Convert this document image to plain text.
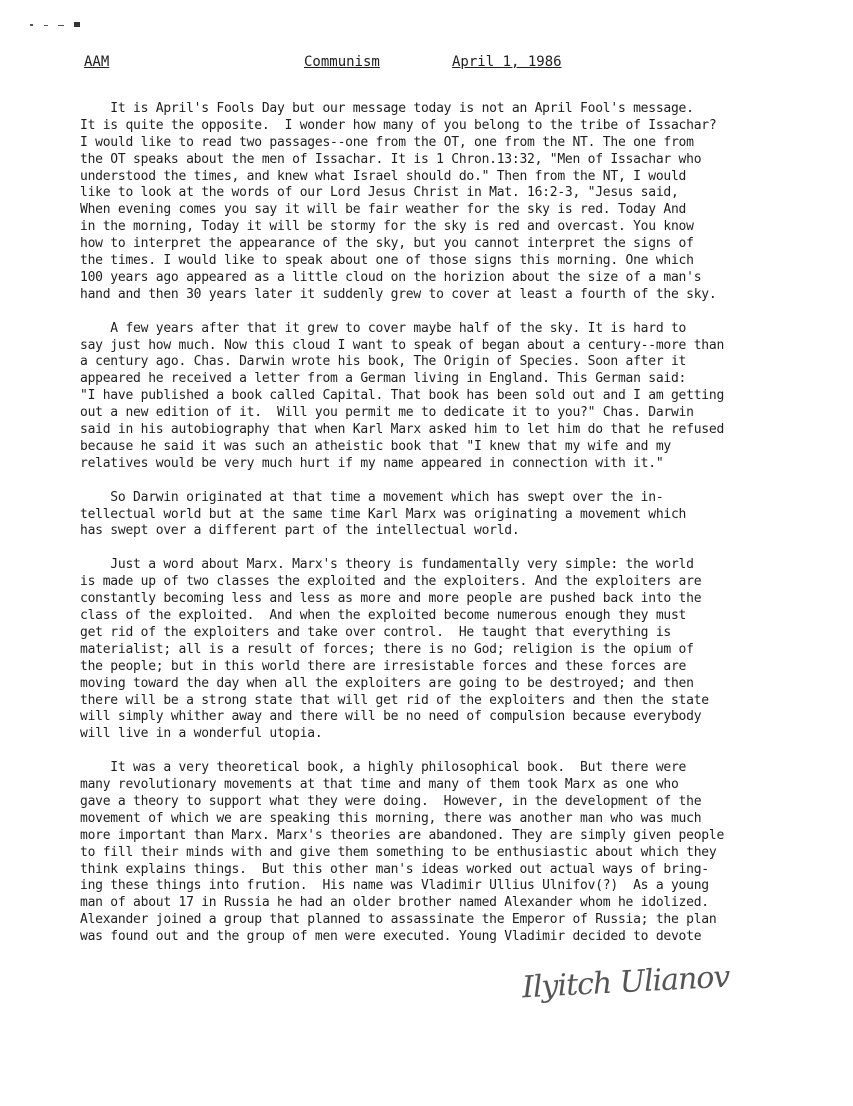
AAM	Communism	April 1, 1986
It is April's Fools Day but our message today is not an April Fool's message.
It is quite the opposite.  I wonder how many of you belong to the tribe of Issachar?
I would like to read two passages--one from the OT, one from the NT. The one from
the OT speaks about the men of Issachar. It is 1 Chron.13:32, "Men of Issachar who
understood the times, and knew what Israel should do." Then from the NT, I would
like to look at the words of our Lord Jesus Christ in Mat. 16:2-3, "Jesus said,
When evening comes you say it will be fair weather for the sky is red. Today And
in the morning, Today it will be stormy for the sky is red and overcast. You know
how to interpret the appearance of the sky, but you cannot interpret the signs of
the times. I would like to speak about one of those signs this morning. One which
100 years ago appeared as a little cloud on the horizion about the size of a man's
hand and then 30 years later it suddenly grew to cover at least a fourth of the sky.
A few years after that it grew to cover maybe half of the sky. It is hard to
say just how much. Now this cloud I want to speak of began about a century--more than
a century ago. Chas. Darwin wrote his book, The Origin of Species. Soon after it
appeared he received a letter from a German living in England. This German said:
"I have published a book called Capital. That book has been sold out and I am getting
out a new edition of it.  Will you permit me to dedicate it to you?" Chas. Darwin
said in his autobiography that when Karl Marx asked him to let him do that he refused
because he said it was such an atheistic book that "I knew that my wife and my
relatives would be very much hurt if my name appeared in connection with it."
So Darwin originated at that time a movement which has swept over the in-
tellectual world but at the same time Karl Marx was originating a movement which
has swept over a different part of the intellectual world.
Just a word about Marx. Marx's theory is fundamentally very simple: the world
is made up of two classes the exploited and the exploiters. And the exploiters are
constantly becoming less and less as more and more people are pushed back into the
class of the exploited.  And when the exploited become numerous enough they must
get rid of the exploiters and take over control.  He taught that everything is
materialist; all is a result of forces; there is no God; religion is the opium of
the people; but in this world there are irresistable forces and these forces are
moving toward the day when all the exploiters are going to be destroyed; and then
there will be a strong state that will get rid of the exploiters and then the state
will simply whither away and there will be no need of compulsion because everybody
will live in a wonderful utopia.
It was a very theoretical book, a highly philosophical book.  But there were
many revolutionary movements at that time and many of them took Marx as one who
gave a theory to support what they were doing.  However, in the development of the
movement of which we are speaking this morning, there was another man who was much
more important than Marx. Marx's theories are abandoned. They are simply given people
to fill their minds with and give them something to be enthusiastic about which they
think explains things.  But this other man's ideas worked out actual ways of bring-
ing these things into frution.  His name was Vladimir Ullius Ulnifov(?)  As a young
man of about 17 in Russia he had an older brother named Alexander whom he idolized.
Alexander joined a group that planned to assassinate the Emperor of Russia; the plan
was found out and the group of men were executed. Young Vladimir decided to devote
Ilyitch Ulianov
